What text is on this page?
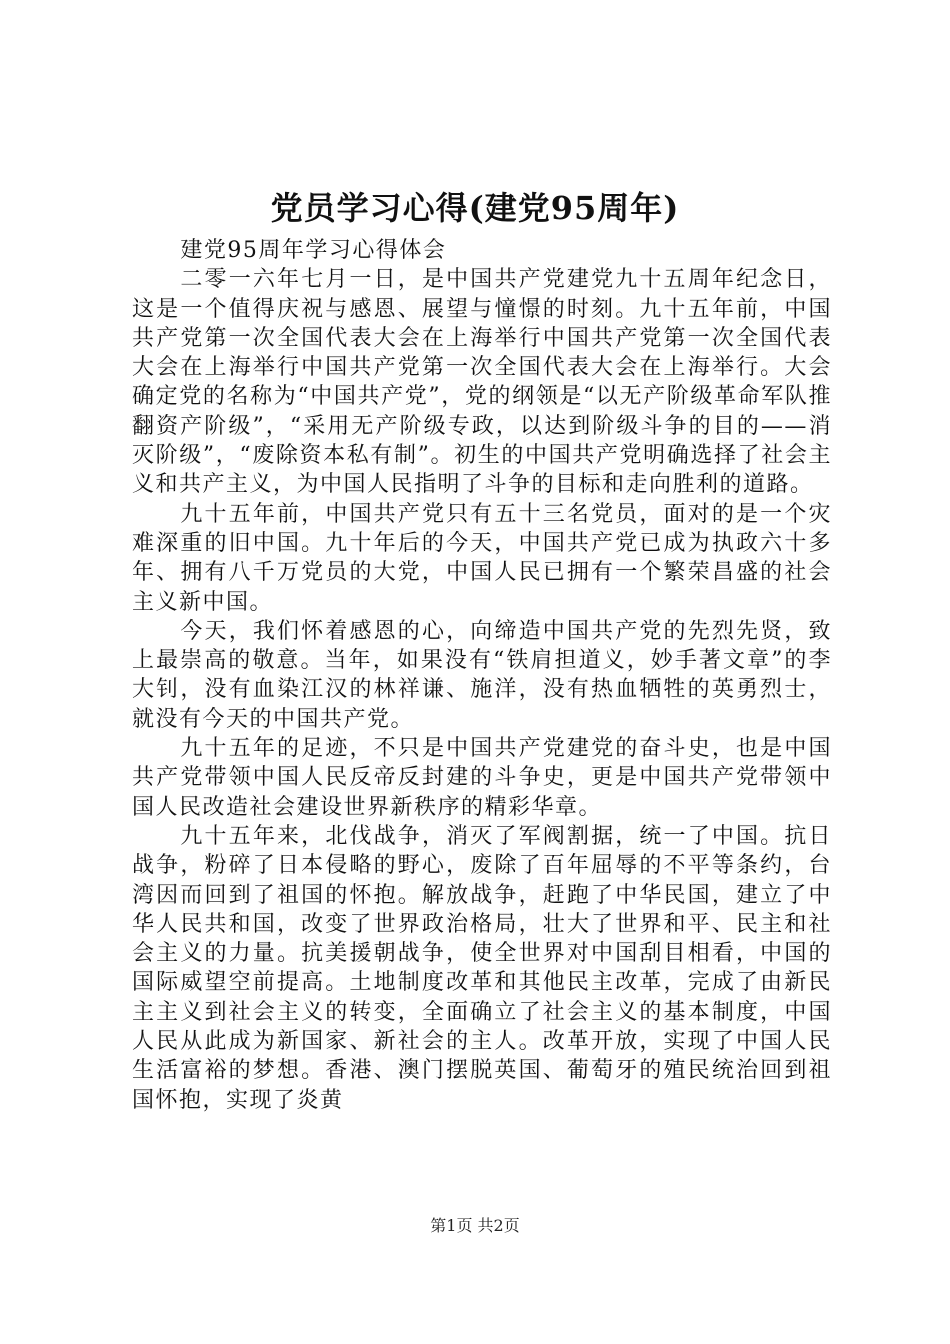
党员学习心得(建党95周年)

建党95周年学习心得体会

二零一六年七月一日，是中国共产党建党九十五周年纪念日，这是一个值得庆祝与感恩、展望与憧憬的时刻。九十五年前，中国共产党第一次全国代表大会在上海举行中国共产党第一次全国代表大会在上海举行中国共产党第一次全国代表大会在上海举行。大会确定党的名称为“中国共产党”，党的纲领是“以无产阶级革命军队推翻资产阶级”，“采用无产阶级专政，以达到阶级斗争的目的——消灭阶级”，“废除资本私有制”。初生的中国共产党明确选择了社会主义和共产主义，为中国人民指明了斗争的目标和走向胜利的道路。

九十五年前，中国共产党只有五十三名党员，面对的是一个灾难深重的旧中国。九十年后的今天，中国共产党已成为执政六十多年、拥有八千万党员的大党，中国人民已拥有一个繁荣昌盛的社会主义新中国。

今天，我们怀着感恩的心，向缔造中国共产党的先烈先贤，致上最崇高的敬意。当年，如果没有“铁肩担道义，妙手著文章”的李大钊，没有血染江汉的林祥谦、施洋，没有热血牺牲的英勇烈士，就没有今天的中国共产党。

九十五年的足迹，不只是中国共产党建党的奋斗史，也是中国共产党带领中国人民反帝反封建的斗争史，更是中国共产党带领中国人民改造社会建设世界新秩序的精彩华章。

九十五年来，北伐战争，消灭了军阀割据，统一了中国。抗日战争，粉碎了日本侵略的野心，废除了百年屈辱的不平等条约，台湾因而回到了祖国的怀抱。解放战争，赶跑了中华民国，建立了中华人民共和国，改变了世界政治格局，壮大了世界和平、民主和社会主义的力量。抗美援朝战争，使全世界对中国刮目相看，中国的国际威望空前提高。土地制度改革和其他民主改革，完成了由新民主主义到社会主义的转变，全面确立了社会主义的基本制度，中国人民从此成为新国家、新社会的主人。改革开放，实现了中国人民生活富裕的梦想。香港、澳门摆脱英国、葡萄牙的殖民统治回到祖国怀抱，实现了炎黄

第1页 共2页
